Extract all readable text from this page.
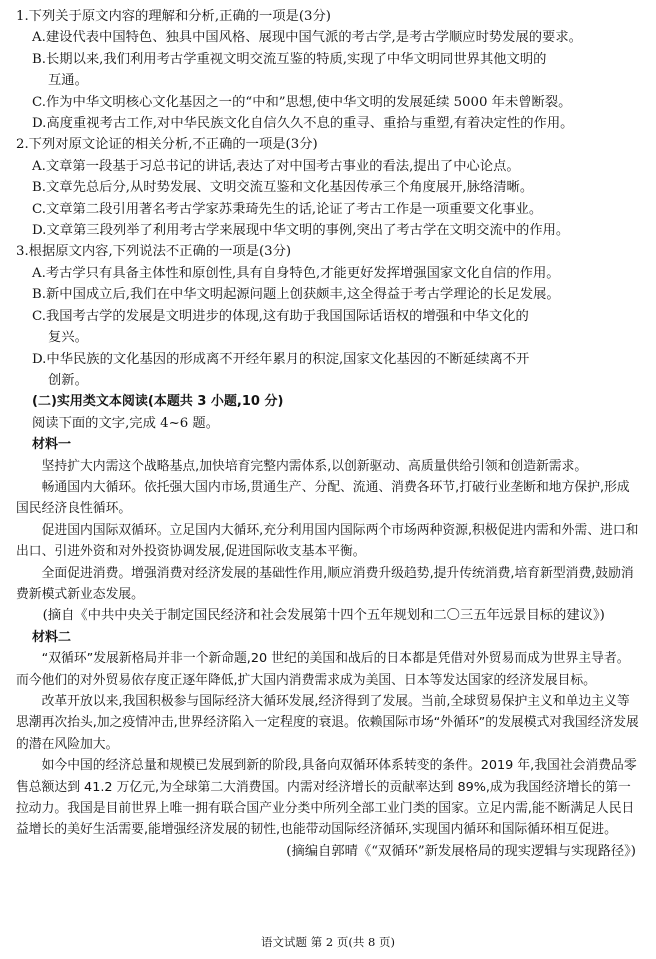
1.下列关于原文内容的理解和分析,正确的一项是(3分)
A.建设代表中国特色、独具中国风格、展现中国气派的考古学,是考古学顺应时势发展的要求。
B.长期以来,我们利用考古学重视文明交流互鉴的特质,实现了中华文明同世界其他文明的
互通。
C.作为中华文明核心文化基因之一的“中和”思想,使中华文明的发展延续 5000 年未曾断裂。
D.高度重视考古工作,对中华民族文化自信久久不息的重寻、重拾与重塑,有着决定性的作用。
2.下列对原文论证的相关分析,不正确的一项是(3分)
A.文章第一段基于习总书记的讲话,表达了对中国考古事业的看法,提出了中心论点。
B.文章先总后分,从时势发展、文明交流互鉴和文化基因传承三个角度展开,脉络清晰。
C.文章第二段引用著名考古学家苏秉琦先生的话,论证了考古工作是一项重要文化事业。
D.文章第三段列举了利用考古学来展现中华文明的事例,突出了考古学在文明交流中的作用。
3.根据原文内容,下列说法不正确的一项是(3分)
A.考古学只有具备主体性和原创性,具有自身特色,才能更好发挥增强国家文化自信的作用。
B.新中国成立后,我们在中华文明起源问题上创获颇丰,这全得益于考古学理论的长足发展。
C.我国考古学的发展是文明进步的体现,这有助于我国国际话语权的增强和中华文化的
复兴。
D.中华民族的文化基因的形成离不开经年累月的积淀,国家文化基因的不断延续离不开
创新。
(二)实用类文本阅读(本题共 3 小题,10 分)
阅读下面的文字,完成 4~6 题。
材料一
坚持扩大内需这个战略基点,加快培育完整内需体系,以创新驱动、高质量供给引领和创造新需求。
畅通国内大循环。依托强大国内市场,贯通生产、分配、流通、消费各环节,打破行业垄断和地方保护,形成国民经济良性循环。
促进国内国际双循环。立足国内大循环,充分利用国内国际两个市场两种资源,积极促进内需和外需、进口和出口、引进外资和对外投资协调发展,促进国际收支基本平衡。
全面促进消费。增强消费对经济发展的基础性作用,顺应消费升级趋势,提升传统消费,培育新型消费,鼓励消费新模式新业态发展。
(摘自《中共中央关于制定国民经济和社会发展第十四个五年规划和二〇三五年远景目标的建议》)
材料二
“双循环”发展新格局并非一个新命题,20 世纪的美国和战后的日本都是凭借对外贸易而成为世界主导者。而今他们的对外贸易依存度正逐年降低,扩大国内消费需求成为美国、日本等发达国家的经济发展目标。
改革开放以来,我国积极参与国际经济大循环发展,经济得到了发展。当前,全球贸易保护主义和单边主义等思潮再次抬头,加之疫情冲击,世界经济陷入一定程度的衰退。依赖国际市场“外循环”的发展模式对我国经济发展的潜在风险加大。
如今中国的经济总量和规模已发展到新的阶段,具备向双循环体系转变的条件。2019 年,我国社会消费品零售总额达到 41.2 万亿元,为全球第二大消费国。内需对经济增长的贡献率达到 89%,成为我国经济增长的第一拉动力。我国是目前世界上唯一拥有联合国产业分类中所列全部工业门类的国家。立足内需,能不断满足人民日益增长的美好生活需要,能增强经济发展的韧性,也能带动国际经济循环,实现国内循环和国际循环相互促进。
(摘编自郭晴《“双循环”新发展格局的现实逻辑与实现路径》)
语文试题 第 2 页(共 8 页)
